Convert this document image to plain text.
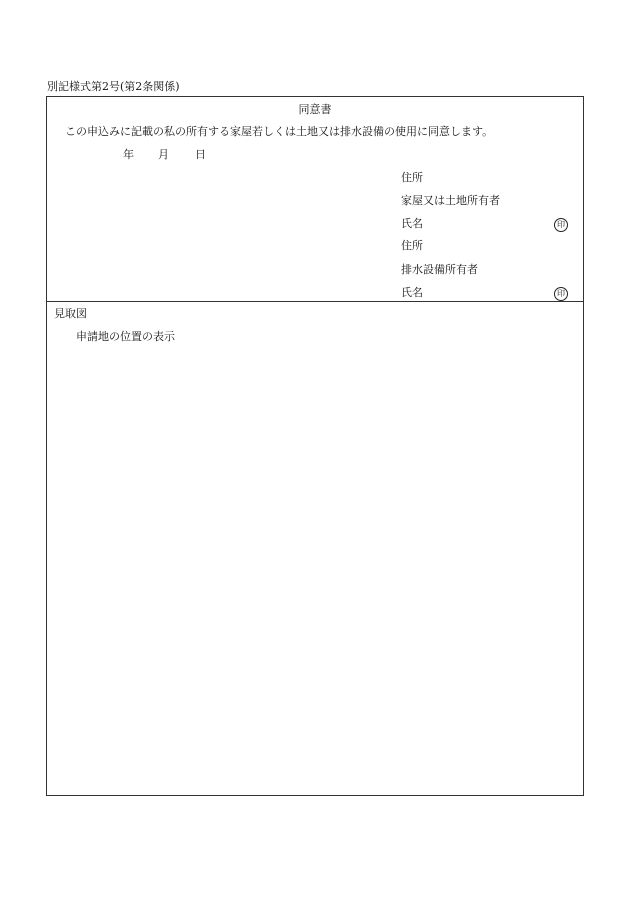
別記様式第2号(第2条関係)
同意書
この申込みに記載の私の所有する家屋若しくは土地又は排水設備の使用に同意します。
年 月 日
住所
家屋又は土地所有者
氏名	印
住所
排水設備所有者
氏名	印
見取図
申請地の位置の表示
